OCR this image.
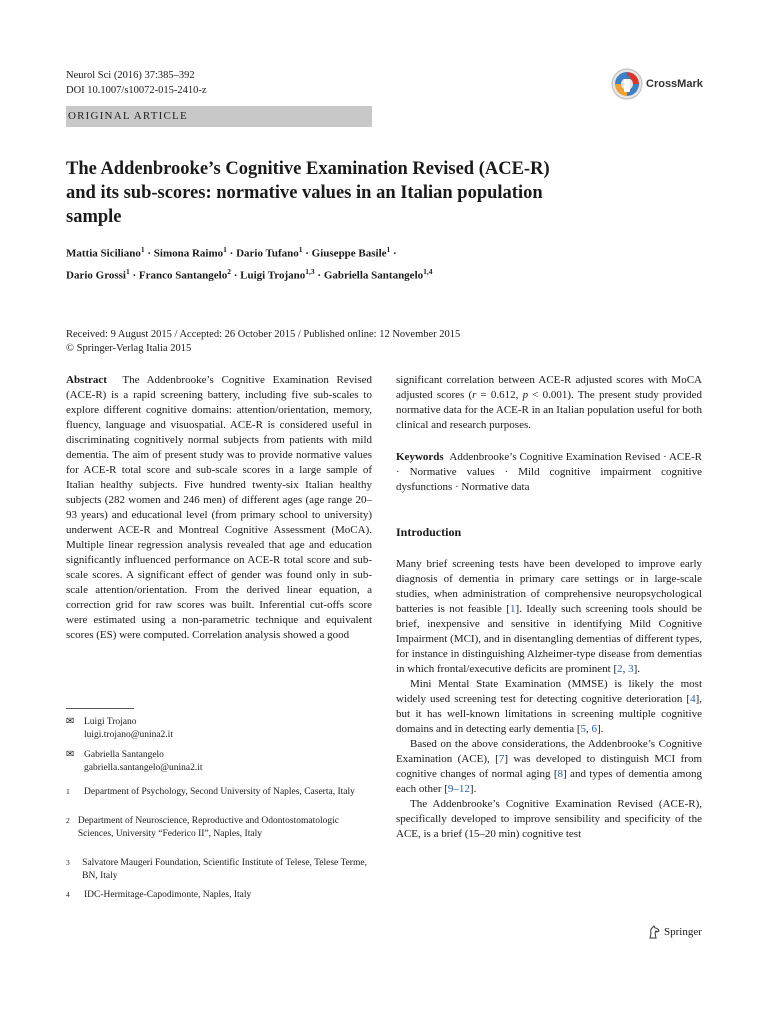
Neurol Sci (2016) 37:385–392
DOI 10.1007/s10072-015-2410-z
CrossMark
ORIGINAL ARTICLE
The Addenbrooke’s Cognitive Examination Revised (ACE-R)
and its sub-scores: normative values in an Italian population
sample
Mattia Siciliano$^1$ · Simona Raimo$^1$ · Dario Tufano$^1$ · Giuseppe Basile$^1$ ·
Dario Grossi$^1$ · Franco Santangelo$^2$ · Luigi Trojano$^{1,3}$ · Gabriella Santangelo$^{1,4}$
Received: 9 August 2015 / Accepted: 26 October 2015 / Published online: 12 November 2015
© Springer-Verlag Italia 2015

Abstract The Addenbrooke’s Cognitive Examination Revised (ACE-R) is a rapid screening battery, including five sub-scales to explore different cognitive domains: attention/orientation, memory, fluency, language and visuospatial. ACE-R is considered useful in discriminating cognitively normal subjects from patients with mild dementia. The aim of present study was to provide normative values for ACE-R total score and sub-scale scores in a large sample of Italian healthy subjects. Five hundred twenty-six Italian healthy subjects (282 women and 246 men) of different ages (age range 20–93 years) and educational level (from primary school to university) underwent ACE-R and Montreal Cognitive Assessment (MoCA). Multiple linear regression analysis revealed that age and education significantly influenced performance on ACE-R total score and sub-scale scores. A significant effect of gender was found only in sub-scale attention/orientation. From the derived linear equation, a correction grid for raw scores was built. Inferential cut-offs score were estimated using a non-parametric technique and equivalent scores (ES) were computed. Correlation analysis showed a good

✉	Luigi Trojano
luigi.trojano@unina2.it
✉	Gabriella Santangelo
gabriella.santangelo@unina2.it
1	Department of Psychology, Second University of Naples, Caserta, Italy
2 Department of Neuroscience, Reproductive and Odontostomatologic Sciences, University “Federico II”, Naples, Italy
3	Salvatore Maugeri Foundation, Scientific Institute of Telese, Telese Terme, BN, Italy
4	IDC-Hermitage-Capodimonte, Naples, Italy

significant correlation between ACE-R adjusted scores with MoCA adjusted scores (r = 0.612, p < 0.001). The present study provided normative data for the ACE-R in an Italian population useful for both clinical and research purposes.

Keywords Addenbrooke’s Cognitive Examination Revised · ACE-R · Normative values · Mild cognitive impairment cognitive dysfunctions · Normative data

Introduction

Many brief screening tests have been developed to improve early diagnosis of dementia in primary care settings or in large-scale studies, when administration of comprehensive neuropsychological batteries is not feasible [1]. Ideally such screening tools should be brief, inexpensive and sensitive in identifying Mild Cognitive Impairment (MCI), and in disentangling dementias of different types, for instance in distinguishing Alzheimer-type disease from dementias in which frontal/executive deficits are prominent [2, 3].

Mini Mental State Examination (MMSE) is likely the most widely used screening test for detecting cognitive deterioration [4], but it has well-known limitations in screening multiple cognitive domains and in detecting early dementia [5, 6].

Based on the above considerations, the Addenbrooke’s Cognitive Examination (ACE), [7] was developed to distinguish MCI from cognitive changes of normal aging [8] and types of dementia among each other [9–12].

The Addenbrooke’s Cognitive Examination Revised (ACE-R), specifically developed to improve sensibility and specificity of the ACE, is a brief (15–20 min) cognitive test

Springer
